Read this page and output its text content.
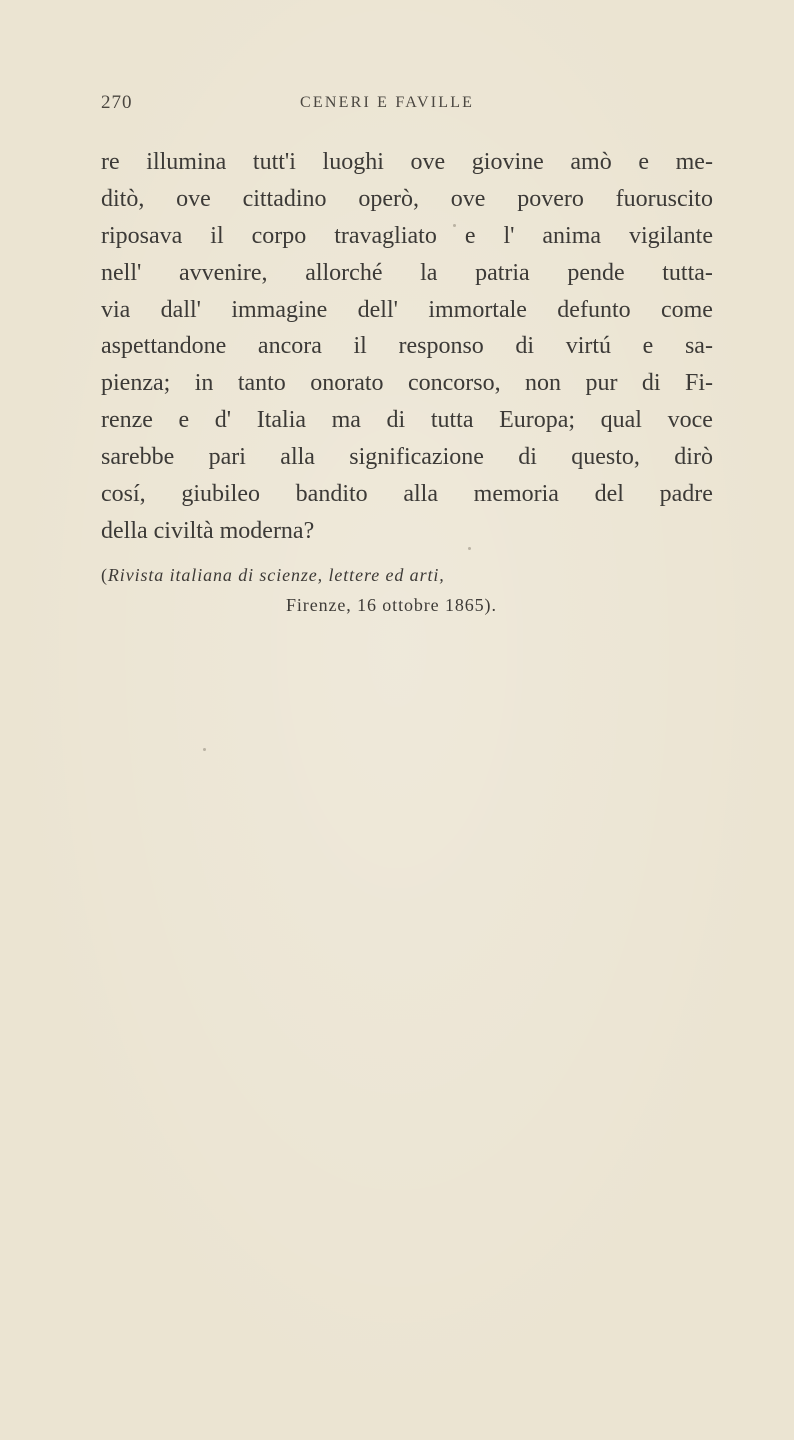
270	CENERI E FAVILLE
re illumina tutt'i luoghi ove giovine amò e me-
ditò, ove cittadino operò, ove povero fuoruscito
riposava il corpo travagliato e l' anima vigilante
nell' avvenire, allorché la patria pende tutta-
via dall' immagine dell' immortale defunto come
aspettandone ancora il responso di virtú e sa-
pienza; in tanto onorato concorso, non pur di Fi-
renze e d' Italia ma di tutta Europa; qual voce
sarebbe pari alla significazione di questo, dirò
cosí, giubileo bandito alla memoria del padre
della civiltà moderna?
(Rivista italiana di scienze, lettere ed arti,
Firenze, 16 ottobre 1865).
